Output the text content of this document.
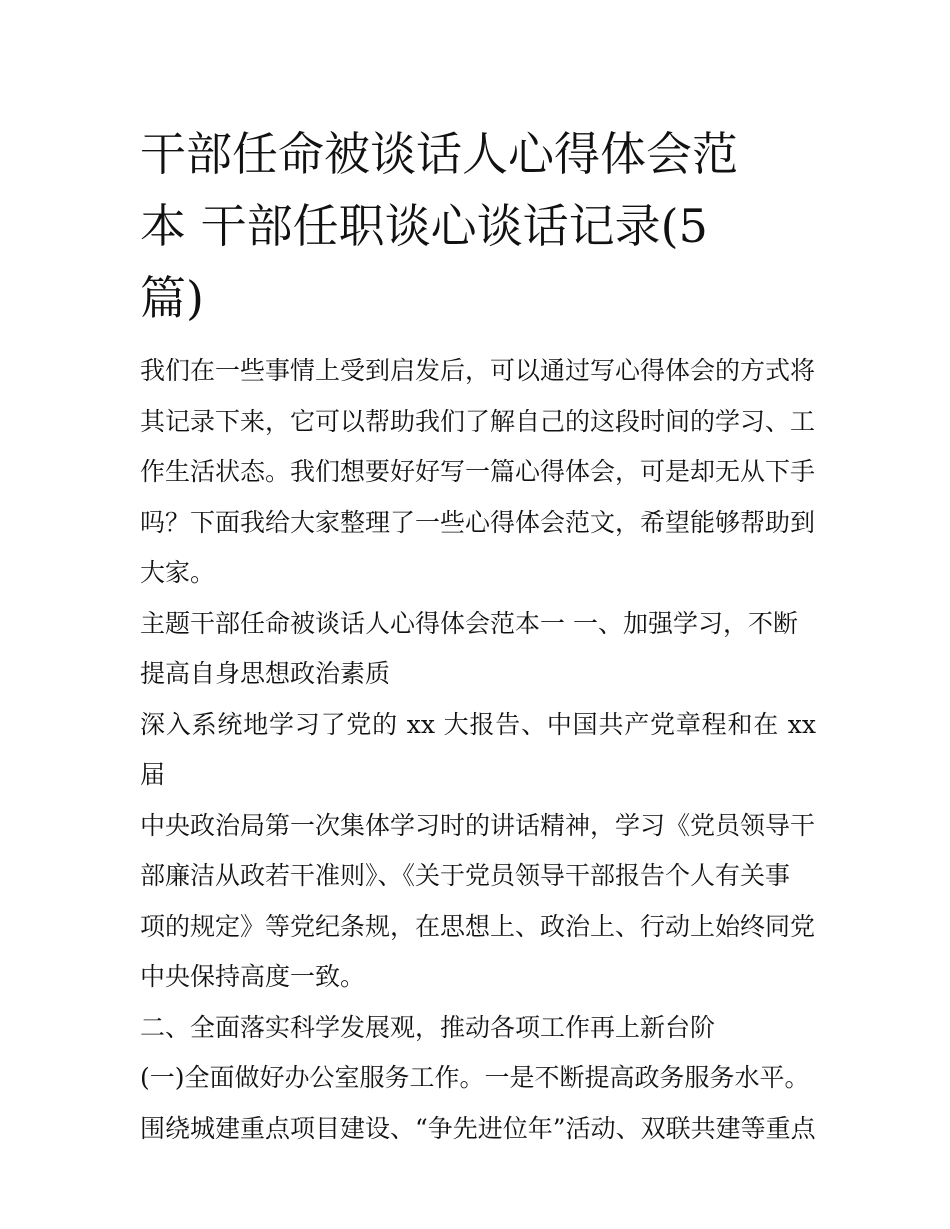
干部任命被谈话人心得体会范
本 干部任职谈心谈话记录(5
篇)
我们在一些事情上受到启发后，可以通过写心得体会的方式将
其记录下来，它可以帮助我们了解自己的这段时间的学习、工
作生活状态。我们想要好好写一篇心得体会，可是却无从下手
吗？下面我给大家整理了一些心得体会范文，希望能够帮助到
大家。
主题干部任命被谈话人心得体会范本一 一、加强学习，不断
提高自身思想政治素质
深入系统地学习了党的 xx 大报告、中国共产党章程和在 xx 届
中央政治局第一次集体学习时的讲话精神，学习《党员领导干
部廉洁从政若干准则》、《关于党员领导干部报告个人有关事
项的规定》等党纪条规，在思想上、政治上、行动上始终同党
中央保持高度一致。
二、全面落实科学发展观，推动各项工作再上新台阶
(一)全面做好办公室服务工作。一是不断提高政务服务水平。
围绕城建重点项目建设、“争先进位年”活动、双联共建等重点
